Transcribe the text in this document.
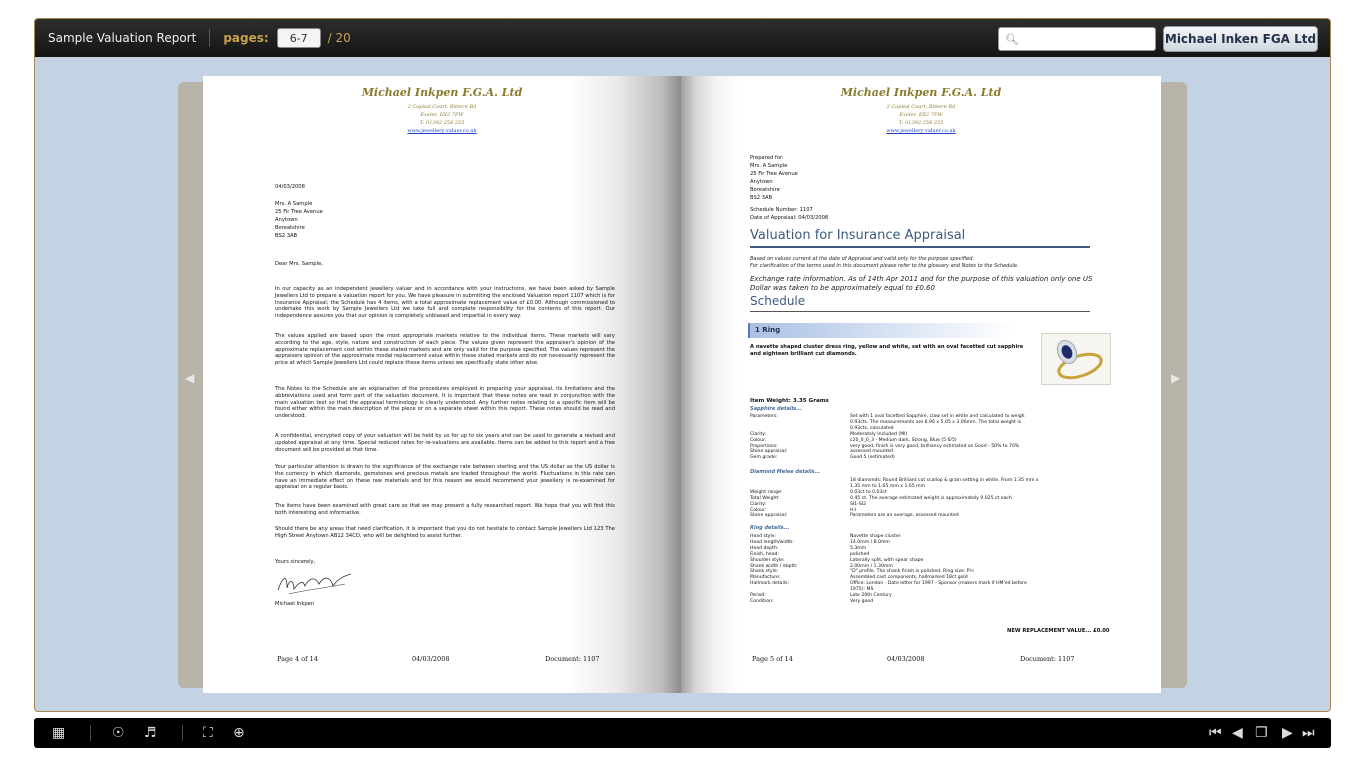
Sample Valuation Report pages:
6-7	/ 20	🔍︎	Michael Inken FGA Ltd
◀	▶
Michael Inkpen F.G.A. Ltd
2 Capital Court, Bittern Rd
Exeter, EX2 7FW
T: 01392 258 255
www.jewellery-valuer.co.uk
04/03/2008
Mrs. A Sample
25 Fir Tree Avenue
Anytown
Boreatshire
BS2 3AB
Dear Mrs. Sample,
In our capacity as an independent jewellery valuer and in accordance with your instructions, we have been asked by Sample Jewellers Ltd to prepare a valuation report for you. We have pleasure in submitting the enclosed Valuation report 1107 which is for Insurance Appraisal; the Schedule has 4 items, with a total approximate replacement value of £0.00. Although commissioned to undertake this work by Sample Jewellers Ltd we take full and complete responsibility for the contents of this report. Our independence assures you that our opinion is completely unbiased and impartial in every way.
The values applied are based upon the most appropriate markets relative to the individual items. These markets will vary according to the age, style, nature and construction of each piece. The values given represent the appraiser's opinion of the approximate replacement cost within these stated markets and are only valid for the purpose specified. The values represent the appraisers opinion of the approximate modal replacement value within these stated markets and do not necessarily represent the price at which Sample Jewellers Ltd could replace these items unless we specifically state other wise.
The Notes to the Schedule are an explanation of the procedures employed in preparing your appraisal, its limitations and the abbreviations used and form part of the valuation document. It is important that these notes are read in conjunction with the main valuation text so that the appraisal terminology is clearly understood. Any further notes relating to a specific item will be found either within the main description of the piece or on a separate sheet within this report. These notes should be read and understood.
A confidential, encrypted copy of your valuation will be held by us for up to six years and can be used to generate a revised and updated appraisal at any time. Special reduced rates for re-valuations are available. Items can be added to this report and a free document will be provided at that time.
Your particular attention is drawn to the significance of the exchange rate between sterling and the US dollar as the US dollar is the currency in which diamonds, gemstones and precious metals are traded throughout the world. Fluctuations in this rate can have an immediate effect on these raw materials and for this reason we would recommend your jewellery is re-examined for appraisal on a regular basis.
The items have been examined with great care so that we may present a fully researched report. We hope that you will find this both interesting and informative.
Should there be any areas that need clarification, it is important that you do not hesitate to contact Sample Jewellers Ltd 123 The High Street Anytown AB12 34CD, who will be delighted to assist further.
Yours sincerely,
Michael Inkpen
Page 4 of 14	04/03/2008	Document: 1107
Michael Inkpen F.G.A. Ltd
2 Capital Court, Bittern Rd
Exeter, EX2 7FW
T: 01392 258 255
www.jewellery-valuer.co.uk
Prepared for:
Mrs. A Sample
25 Fir Tree Avenue
Anytown
Boreatshire
BS2 3AB
Schedule Number: 1107
Date of Appraisal: 04/03/2008
Valuation for Insurance Appraisal
Based on values current at the date of Appraisal and valid only for the purpose specified.
For clarification of the terms used in this document please refer to the glossary and Notes to the Schedule.
Exchange rate information. As of 14th Apr 2011 and for the purpose of this valuation only one US Dollar was taken to be approximately equal to £0.60
Schedule
1 Ring
A navette shaped cluster dress ring, yellow and white, set with an oval facetted cut sapphire and eighteen brilliant cut diamonds.
Item Weight: 3.35 Grams
Sapphire details...
Parameters:	Set with 1 oval facetted Sapphire, claw set in white and calculated to weigh 0.93cts. The measurements are 6.96 x 5.05 x 3.06mm. The total weight is 0.93cts, calculated
Clarity:	Moderately Included (MI)
Colour:	c20_0_0_3 - Medium dark, Strong, Blue (5 6/5)
Proportions:	very good, finish is very good, brilliancy estimated as Good - 50% to 70%
Stone appraisal:	assessed mounted
Gem grade:	Good 5 (estimated)
Diamond Melee details...
18 diamonds: Round Brilliant cut scallop & grain setting in white. From 1.35 mm x 1.35 mm to 1.65 mm x 1.65 mm
Weight range:	0.03ct to 0.03ct
Total Weight:	0.45 ct. The average estimated weight is approximately 0.025 ct each
Clarity:	SI1-SI2
Colour:	H-I
Stone appraisal:	Parameters are an average, assessed mounted
Ring details...
Head style:	Navette shape cluster
Head length/width:	14.0mm / 8.0mm
Head depth:	5.3mm
Finish, head:	polished
Shoulder style:	Laterally split, with spear shape
Shank width / depth:	2.00mm / 1.30mm
Shank style:	"D" profile. The shank finish is polished. Ring size: P½
Manufacture:	Assembled cast components, hallmarked 18ct gold
Hallmark details:	Office: London - Date letter for 1997 - Sponsor (makers mark if HM'ed before 1975): MS
Period:	Late 20th Century
Condition:	Very good
NEW REPLACEMENT VALUE... £0.00
Page 5 of 14	04/03/2008	Document: 1107
▦	☉ ♬	⛶ ⊕	⏮ ◀ ❐ ▶ ⏭
